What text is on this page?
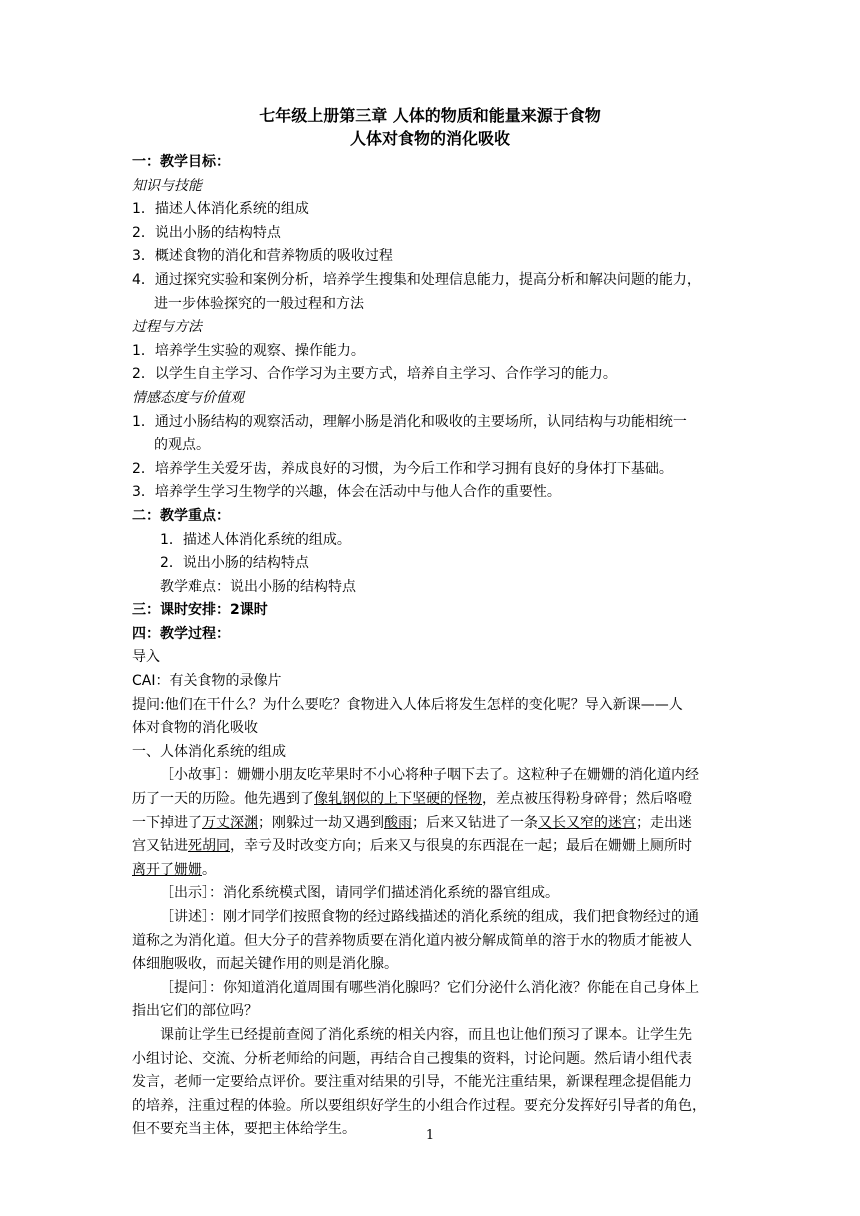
七年级上册第三章 人体的物质和能量来源于食物
人体对食物的消化吸收

一：教学目标：

知识与技能

1．描述人体消化系统的组成

2．说出小肠的结构特点

3．概述食物的消化和营养物质的吸收过程

4．通过探究实验和案例分析，培养学生搜集和处理信息能力，提高分析和解决问题的能力，

进一步体验探究的一般过程和方法

过程与方法

1．培养学生实验的观察、操作能力。

2．以学生自主学习、合作学习为主要方式，培养自主学习、合作学习的能力。

情感态度与价值观

1．通过小肠结构的观察活动，理解小肠是消化和吸收的主要场所，认同结构与功能相统一

的观点。

2．培养学生关爱牙齿，养成良好的习惯，为今后工作和学习拥有良好的身体打下基础。

3．培养学生学习生物学的兴趣，体会在活动中与他人合作的重要性。

二：教学重点：

1．描述人体消化系统的组成。

2．说出小肠的结构特点

教学难点：说出小肠的结构特点

三：课时安排：2课时

四：教学过程：

导入

CAI：有关食物的录像片

提问:他们在干什么？为什么要吃？食物进入人体后将发生怎样的变化呢？导入新课——人

体对食物的消化吸收

一、人体消化系统的组成

［小故事］：姗姗小朋友吃苹果时不小心将种子咽下去了。这粒种子在姗姗的消化道内经

历了一天的历险。他先遇到了像轧钢似的上下坚硬的怪物，差点被压得粉身碎骨；然后咯噔

一下掉进了万丈深渊；刚躲过一劫又遇到酸雨；后来又钻进了一条又长又窄的迷宫；走出迷

宫又钻进死胡同，幸亏及时改变方向；后来又与很臭的东西混在一起；最后在姗姗上厕所时

离开了姗姗。

［出示］：消化系统模式图，请同学们描述消化系统的器官组成。

［讲述］：刚才同学们按照食物的经过路线描述的消化系统的组成，我们把食物经过的通

道称之为消化道。但大分子的营养物质要在消化道内被分解成简单的溶于水的物质才能被人

体细胞吸收，而起关键作用的则是消化腺。

［提问］：你知道消化道周围有哪些消化腺吗？它们分泌什么消化液？你能在自己身体上

指出它们的部位吗？

课前让学生已经提前查阅了消化系统的相关内容，而且也让他们预习了课本。让学生先

小组讨论、交流、分析老师给的问题，再结合自己搜集的资料，讨论问题。然后请小组代表

发言，老师一定要给点评价。要注重对结果的引导，不能光注重结果，新课程理念提倡能力

的培养，注重过程的体验。所以要组织好学生的小组合作过程。要充分发挥好引导者的角色，

但不要充当主体，要把主体给学生。	1
